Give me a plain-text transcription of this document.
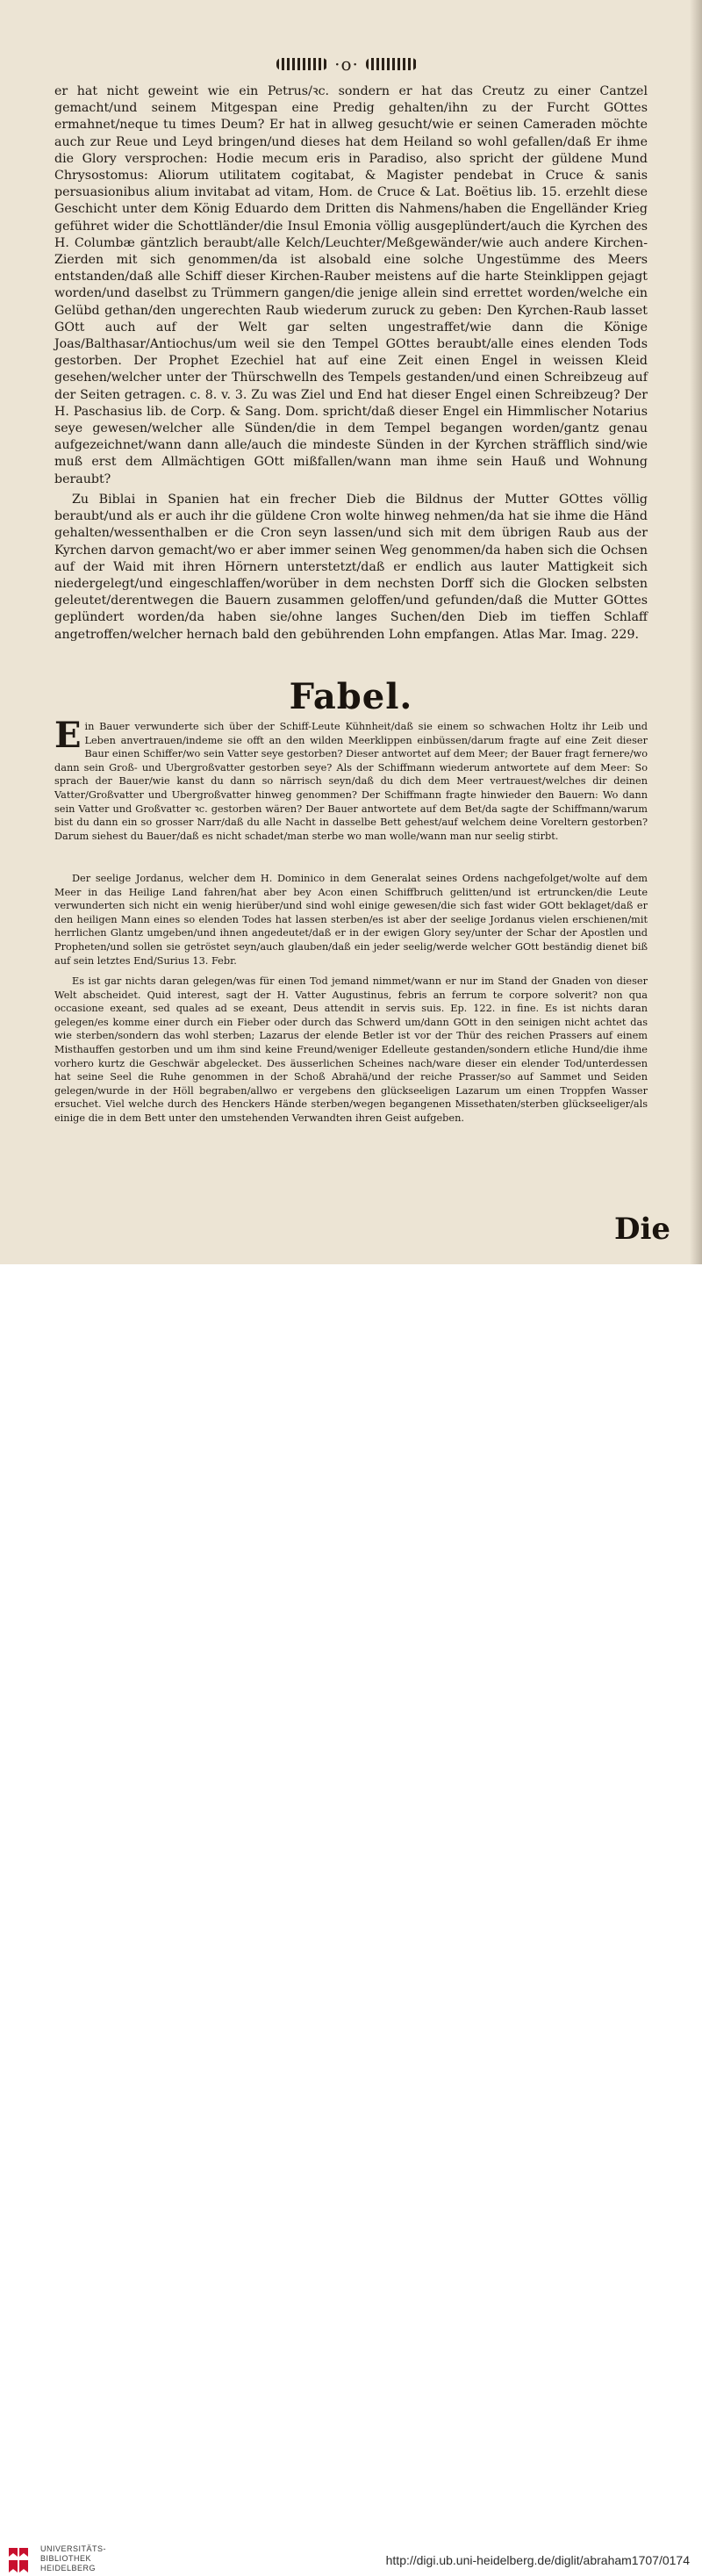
·o·

er hat nicht geweint wie ein Petrus/ꝛc. sondern er hat das Creutz zu einer Cantzel gemacht/und seinem Mitgespan eine Predig gehalten/ihn zu der Furcht GOttes ermahnet/neque tu times Deum? Er hat in allweg gesucht/wie er seinen Cameraden möchte auch zur Reue und Leyd bringen/und dieses hat dem Heiland so wohl gefallen/daß Er ihme die Glory versprochen: Hodie mecum eris in Paradiso, also spricht der güldene Mund Chrysostomus: Aliorum utilitatem cogitabat, & Magister pendebat in Cruce & sanis persuasionibus alium invitabat ad vitam, Hom. de Cruce & Lat. Boëtius lib. 15. erzehlt diese Geschicht unter dem König Eduardo dem Dritten dis Nahmens/haben die Engelländer Krieg geführet wider die Schottländer/die Insul Emonia völlig ausgeplündert/auch die Kyrchen des H. Columbæ gäntzlich beraubt/alle Kelch/Leuchter/Meßgewänder/wie auch andere Kirchen-Zierden mit sich genommen/da ist alsobald eine solche Ungestümme des Meers entstanden/daß alle Schiff dieser Kirchen-Rauber meistens auf die harte Steinklippen gejagt worden/und daselbst zu Trümmern gangen/die jenige allein sind errettet worden/welche ein Gelübd gethan/den ungerechten Raub wiederum zuruck zu geben: Den Kyrchen-Raub lasset GOtt auch auf der Welt gar selten ungestraffet/wie dann die Könige Joas/Balthasar/Antiochus/um weil sie den Tempel GOttes beraubt/alle eines elenden Tods gestorben. Der Prophet Ezechiel hat auf eine Zeit einen Engel in weissen Kleid gesehen/welcher unter der Thürschwelln des Tempels gestanden/und einen Schreibzeug auf der Seiten getragen. c. 8. v. 3. Zu was Ziel und End hat dieser Engel einen Schreibzeug? Der H. Paschasius lib. de Corp. & Sang. Dom. spricht/daß dieser Engel ein Himmlischer Notarius seye gewesen/welcher alle Sünden/die in dem Tempel begangen worden/gantz genau aufgezeichnet/wann dann alle/auch die mindeste Sünden in der Kyrchen sträfflich sind/wie muß erst dem Allmächtigen GOtt mißfallen/wann man ihme sein Hauß und Wohnung beraubt?

Zu Biblai in Spanien hat ein frecher Dieb die Bildnus der Mutter GOttes völlig beraubt/und als er auch ihr die güldene Cron wolte hinweg nehmen/da hat sie ihme die Händ gehalten/wessenthalben er die Cron seyn lassen/und sich mit dem übrigen Raub aus der Kyrchen darvon gemacht/wo er aber immer seinen Weg genommen/da haben sich die Ochsen auf der Waid mit ihren Hörnern unterstetzt/daß er endlich aus lauter Mattigkeit sich niedergelegt/und eingeschlaffen/worüber in dem nechsten Dorff sich die Glocken selbsten geleutet/derentwegen die Bauern zusammen geloffen/und gefunden/daß die Mutter GOttes geplündert worden/da haben sie/ohne langes Suchen/den Dieb im tieffen Schlaff angetroffen/welcher hernach bald den gebührenden Lohn empfangen. Atlas Mar. Imag. 229.

Fabel.
Ein Bauer verwunderte sich über der Schiff-Leute Kühnheit/daß sie einem so schwachen Holtz ihr Leib und Leben anvertrauen/indeme sie offt an den wilden Meerklippen einbüssen/darum fragte auf eine Zeit dieser Baur einen Schiffer/wo sein Vatter seye gestorben? Dieser antwortet auf dem Meer; der Bauer fragt fernere/wo dann sein Groß- und Ubergroßvatter gestorben seye? Als der Schiffmann wiederum antwortete auf dem Meer: So sprach der Bauer/wie kanst du dann so närrisch seyn/daß du dich dem Meer vertrauest/welches dir deinen Vatter/Großvatter und Ubergroßvatter hinweg genommen? Der Schiffmann fragte hinwieder den Bauern: Wo dann sein Vatter und Großvatter ꝛc. gestorben wären? Der Bauer antwortete auf dem Bet/da sagte der Schiffmann/warum bist du dann ein so grosser Narr/daß du alle Nacht in dasselbe Bett gehest/auf welchem deine Voreltern gestorben? Darum siehest du Bauer/daß es nicht schadet/man sterbe wo man wolle/wann man nur seelig stirbt.

Der seelige Jordanus, welcher dem H. Dominico in dem Generalat seines Ordens nachgefolget/wolte auf dem Meer in das Heilige Land fahren/hat aber bey Acon einen Schiffbruch gelitten/und ist ertruncken/die Leute verwunderten sich nicht ein wenig hierüber/und sind wohl einige gewesen/die sich fast wider GOtt beklaget/daß er den heiligen Mann eines so elenden Todes hat lassen sterben/es ist aber der seelige Jordanus vielen erschienen/mit herrlichen Glantz umgeben/und ihnen angedeutet/daß er in der ewigen Glory sey/unter der Schar der Apostlen und Propheten/und sollen sie getröstet seyn/auch glauben/daß ein jeder seelig/werde welcher GOtt beständig dienet biß auf sein letztes End/Surius 13. Febr.

Es ist gar nichts daran gelegen/was für einen Tod jemand nimmet/wann er nur im Stand der Gnaden von dieser Welt abscheidet. Quid interest, sagt der H. Vatter Augustinus, febris an ferrum te corpore solverit? non qua occasione exeant, sed quales ad se exeant, Deus attendit in servis suis. Ep. 122. in fine. Es ist nichts daran gelegen/es komme einer durch ein Fieber oder durch das Schwerd um/dann GOtt in den seinigen nicht achtet das wie sterben/sondern das wohl sterben; Lazarus der elende Betler ist vor der Thür des reichen Prassers auf einem Misthauffen gestorben und um ihm sind keine Freund/weniger Edelleute gestanden/sondern etliche Hund/die ihme vorhero kurtz die Geschwär abgelecket. Des äusserlichen Scheines nach/ware dieser ein elender Tod/unterdessen hat seine Seel die Ruhe genommen in der Schoß Abrahä/und der reiche Prasser/so auf Sammet und Seiden gelegen/wurde in der Höll begraben/allwo er vergebens den glückseeligen Lazarum um einen Troppfen Wasser ersuchet. Viel welche durch des Henckers Hände sterben/wegen begangenen Missethaten/sterben glückseeliger/als einige die in dem Bett unter den umstehenden Verwandten ihren Geist aufgeben.

Die
UNIVERSITÄTS-
BIBLIOTHEK
HEIDELBERG
http://digi.ub.uni-heidelberg.de/diglit/abraham1707/0174
